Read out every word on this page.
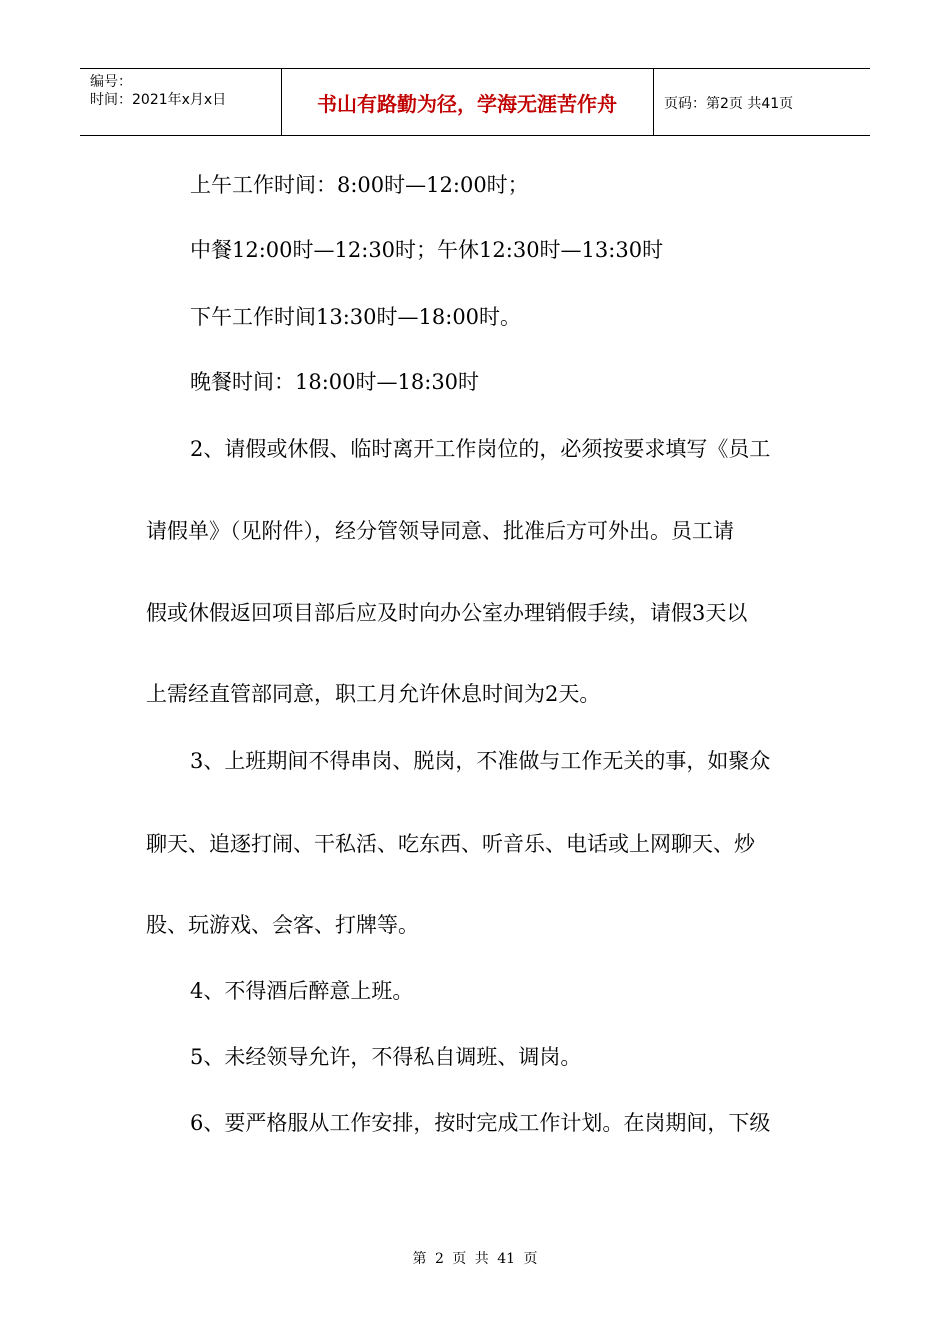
编号：
时间：2021年x月x日	书山有路勤为径，学海无涯苦作舟	页码：第2页 共41页
上午工作时间：8:00时—12:00时；
中餐12:00时—12:30时；午休12:30时—13:30时
下午工作时间13:30时—18:00时。
晚餐时间：18:00时—18:30时
2、请假或休假、临时离开工作岗位的，必须按要求填写《员工
请假单》（见附件），经分管领导同意、批准后方可外出。员工请
假或休假返回项目部后应及时向办公室办理销假手续，请假3天以
上需经直管部同意，职工月允许休息时间为2天。
3、上班期间不得串岗、脱岗，不准做与工作无关的事，如聚众
聊天、追逐打闹、干私活、吃东西、听音乐、电话或上网聊天、炒
股、玩游戏、会客、打牌等。
4、不得酒后醉意上班。
5、未经领导允许，不得私自调班、调岗。
6、要严格服从工作安排，按时完成工作计划。在岗期间，下级
第 2 页 共 41 页
